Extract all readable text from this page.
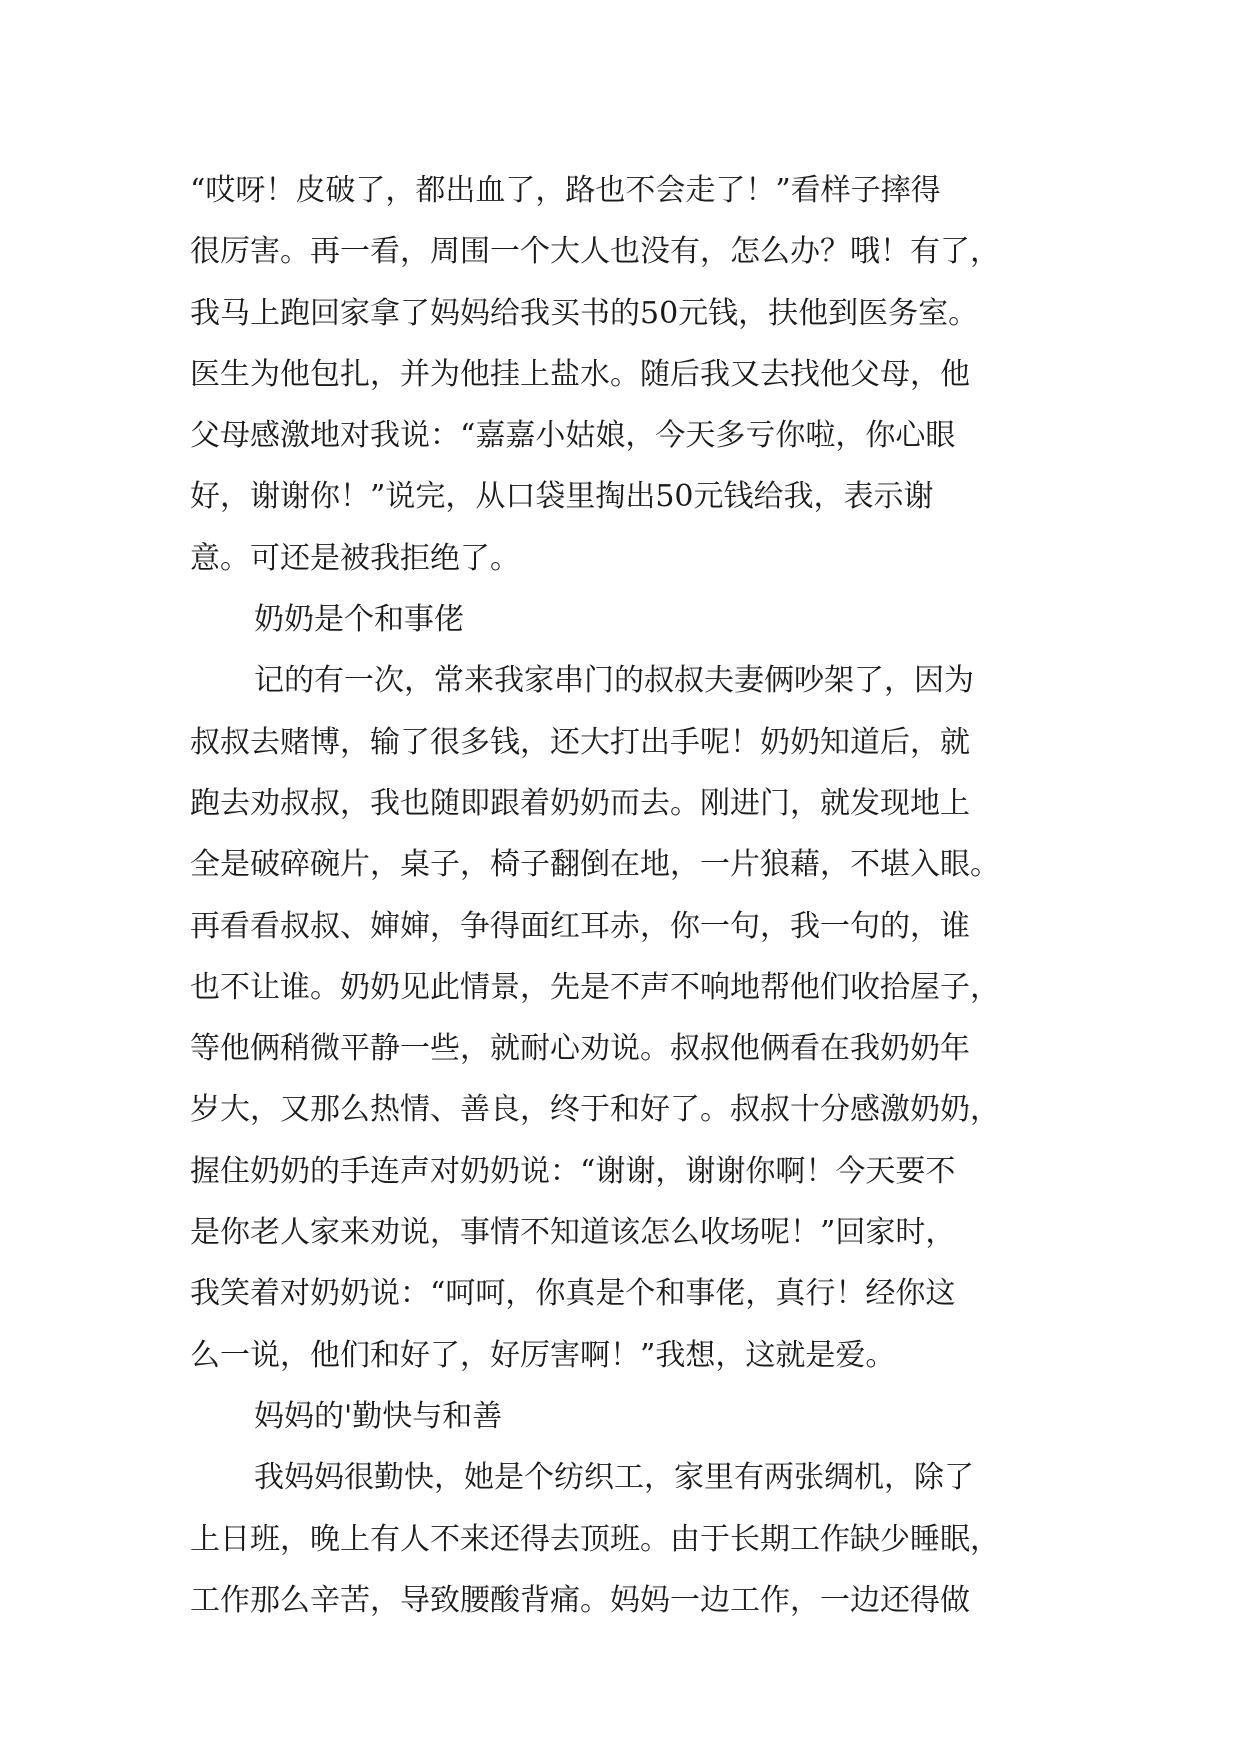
“哎呀！皮破了，都出血了，路也不会走了！”看样子摔得
很厉害。再一看，周围一个大人也没有，怎么办？哦！有了，
我马上跑回家拿了妈妈给我买书的50元钱，扶他到医务室。
医生为他包扎，并为他挂上盐水。随后我又去找他父母，他
父母感激地对我说：“嘉嘉小姑娘，今天多亏你啦，你心眼
好，谢谢你！”说完，从口袋里掏出50元钱给我，表示谢
意。可还是被我拒绝了。
奶奶是个和事佬
记的有一次，常来我家串门的叔叔夫妻俩吵架了，因为
叔叔去赌博，输了很多钱，还大打出手呢！奶奶知道后，就
跑去劝叔叔，我也随即跟着奶奶而去。刚进门，就发现地上
全是破碎碗片，桌子，椅子翻倒在地，一片狼藉，不堪入眼。
再看看叔叔、婶婶，争得面红耳赤，你一句，我一句的，谁
也不让谁。奶奶见此情景，先是不声不响地帮他们收拾屋子，
等他俩稍微平静一些，就耐心劝说。叔叔他俩看在我奶奶年
岁大，又那么热情、善良，终于和好了。叔叔十分感激奶奶，
握住奶奶的手连声对奶奶说：“谢谢，谢谢你啊！今天要不
是你老人家来劝说，事情不知道该怎么收场呢！”回家时，
我笑着对奶奶说：“呵呵，你真是个和事佬，真行！经你这
么一说，他们和好了，好厉害啊！”我想，这就是爱。
妈妈的'勤快与和善
我妈妈很勤快，她是个纺织工，家里有两张绸机，除了
上日班，晚上有人不来还得去顶班。由于长期工作缺少睡眠，
工作那么辛苦，导致腰酸背痛。妈妈一边工作，一边还得做
